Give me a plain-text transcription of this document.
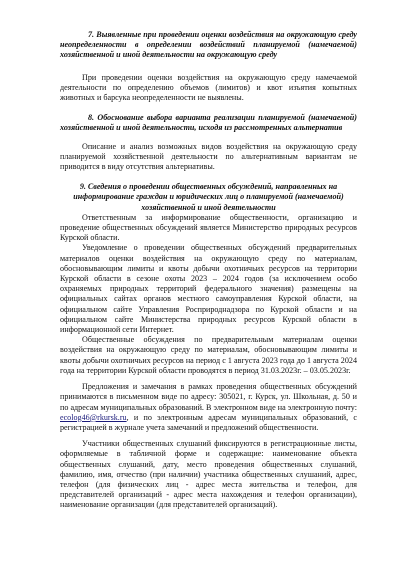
7. Выявленные при проведении оценки воздействия на окружающую среду неопределенности в определении воздействий планируемой (намечаемой) хозяйственной и иной деятельности на окружающую среду

При проведении оценки воздействия на окружающую среду намечаемой деятельности по определению объемов (лимитов) и квот изъятия копытных животных и барсука неопределенности не выявлены.

8. Обоснование выбора варианта реализации планируемой (намечаемой) хозяйственной и иной деятельности, исходя из рассмотренных альтернатив

Описание и анализ возможных видов воздействия на окружающую среду планируемой хозяйственной деятельности по альтернативным вариантам не приводится в виду отсутствия альтернативы.

9. Сведения о проведении общественных обсуждений, направленных на информирование граждан и юридических лиц о планируемой (намечаемой) хозяйственной и иной деятельности

Ответственным за информирование общественности, организацию и проведение общественных обсуждений является Министерство природных ресурсов Курской области.

Уведомление о проведении общественных обсуждений предварительных материалов оценки воздействия на окружающую среду по материалам, обосновывающим лимиты и квоты добычи охотничьих ресурсов на территории Курской области в сезоне охоты 2023 – 2024 годов (за исключением особо охраняемых природных территорий федерального значения) размещены на официальных сайтах органов местного самоуправления Курской области, на официальном сайте Управления Росприроднадзора по Курской области и на официальном сайте Министерства природных ресурсов Курской области в информационной сети Интернет.

Общественные обсуждения по предварительным материалам оценки воздействия на окружающую среду по материалам, обосновывающим лимиты и квоты добычи охотничьих ресурсов на период с 1 августа 2023 года до 1 августа 2024 года на территории Курской области проводятся в период 31.03.2023г. – 03.05.2023г.

Предложения и замечания в рамках проведения общественных обсуждений принимаются в письменном виде по адресу: 305021, г. Курск, ул. Школьная, д. 50 и по адресам муниципальных образований. В электронном виде на электронную почту: ecolog46@rkursk.ru, и по электронным адресам муниципальных образований, с регистрацией в журнале учета замечаний и предложений общественности.

Участники общественных слушаний фиксируются в регистрационные листы, оформляемые в табличной форме и содержащие: наименование объекта общественных слушаний, дату, место проведения общественных слушаний, фамилию, имя, отчество (при наличии) участника общественных слушаний, адрес, телефон (для физических лиц - адрес места жительства и телефон, для представителей организаций - адрес места нахождения и телефон организации), наименование организации (для представителей организаций).
